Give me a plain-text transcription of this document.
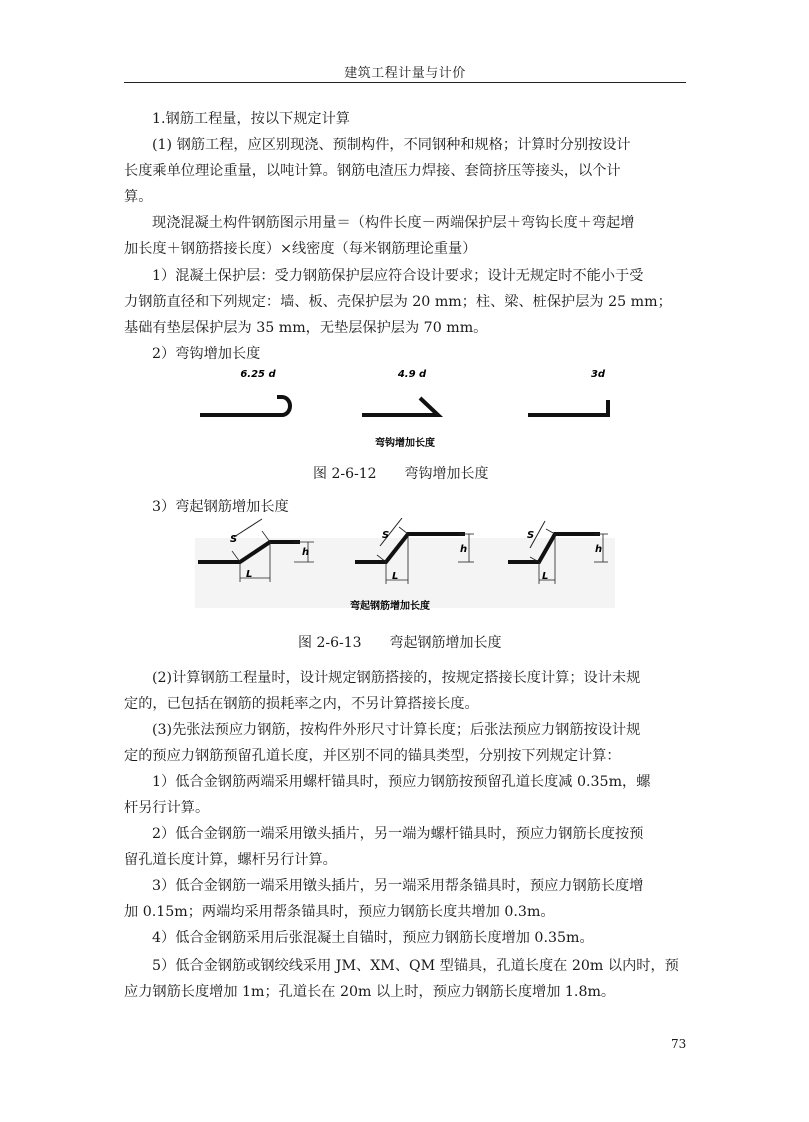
建筑工程计量与计价
1.钢筋工程量，按以下规定计算
(1) 钢筋工程，应区别现浇、预制构件，不同钢种和规格；计算时分别按设计
长度乘单位理论重量，以吨计算。钢筋电渣压力焊接、套筒挤压等接头，以个计
算。
现浇混凝土构件钢筋图示用量＝（构件长度－两端保护层＋弯钩长度＋弯起增
加长度＋钢筋搭接长度）×线密度（每米钢筋理论重量）
1）混凝土保护层：受力钢筋保护层应符合设计要求；设计无规定时不能小于受
力钢筋直径和下列规定：墙、板、壳保护层为 20 mm；柱、梁、桩保护层为 25 mm；
基础有垫层保护层为 35 mm，无垫层保护层为 70 mm。
2）弯钩增加长度
6.25 d	4.9 d	3d
弯钩增加长度
图 2-6-12　　弯钩增加长度
3）弯起钢筋增加长度
S
h
L
S
h
L
S
h
L
弯起钢筋增加长度
图 2-6-13　　弯起钢筋增加长度
(2)计算钢筋工程量时，设计规定钢筋搭接的，按规定搭接长度计算；设计未规
定的，已包括在钢筋的损耗率之内，不另计算搭接长度。
(3)先张法预应力钢筋，按构件外形尺寸计算长度；后张法预应力钢筋按设计规
定的预应力钢筋预留孔道长度，并区别不同的锚具类型，分别按下列规定计算：
1）低合金钢筋两端采用螺杆锚具时，预应力钢筋按预留孔道长度减 0.35m，螺
杆另行计算。
2）低合金钢筋一端采用镦头插片，另一端为螺杆锚具时，预应力钢筋长度按预
留孔道长度计算，螺杆另行计算。
3）低合金钢筋一端采用镦头插片，另一端采用帮条锚具时，预应力钢筋长度增
加 0.15m；两端均采用帮条锚具时，预应力钢筋长度共增加 0.3m。
4）低合金钢筋采用后张混凝土自锚时，预应力钢筋长度增加 0.35m。
5）低合金钢筋或钢绞线采用 JM、XM、QM 型锚具，孔道长度在 20m 以内时，预
应力钢筋长度增加 1m；孔道长在 20m 以上时，预应力钢筋长度增加 1.8m。
73
